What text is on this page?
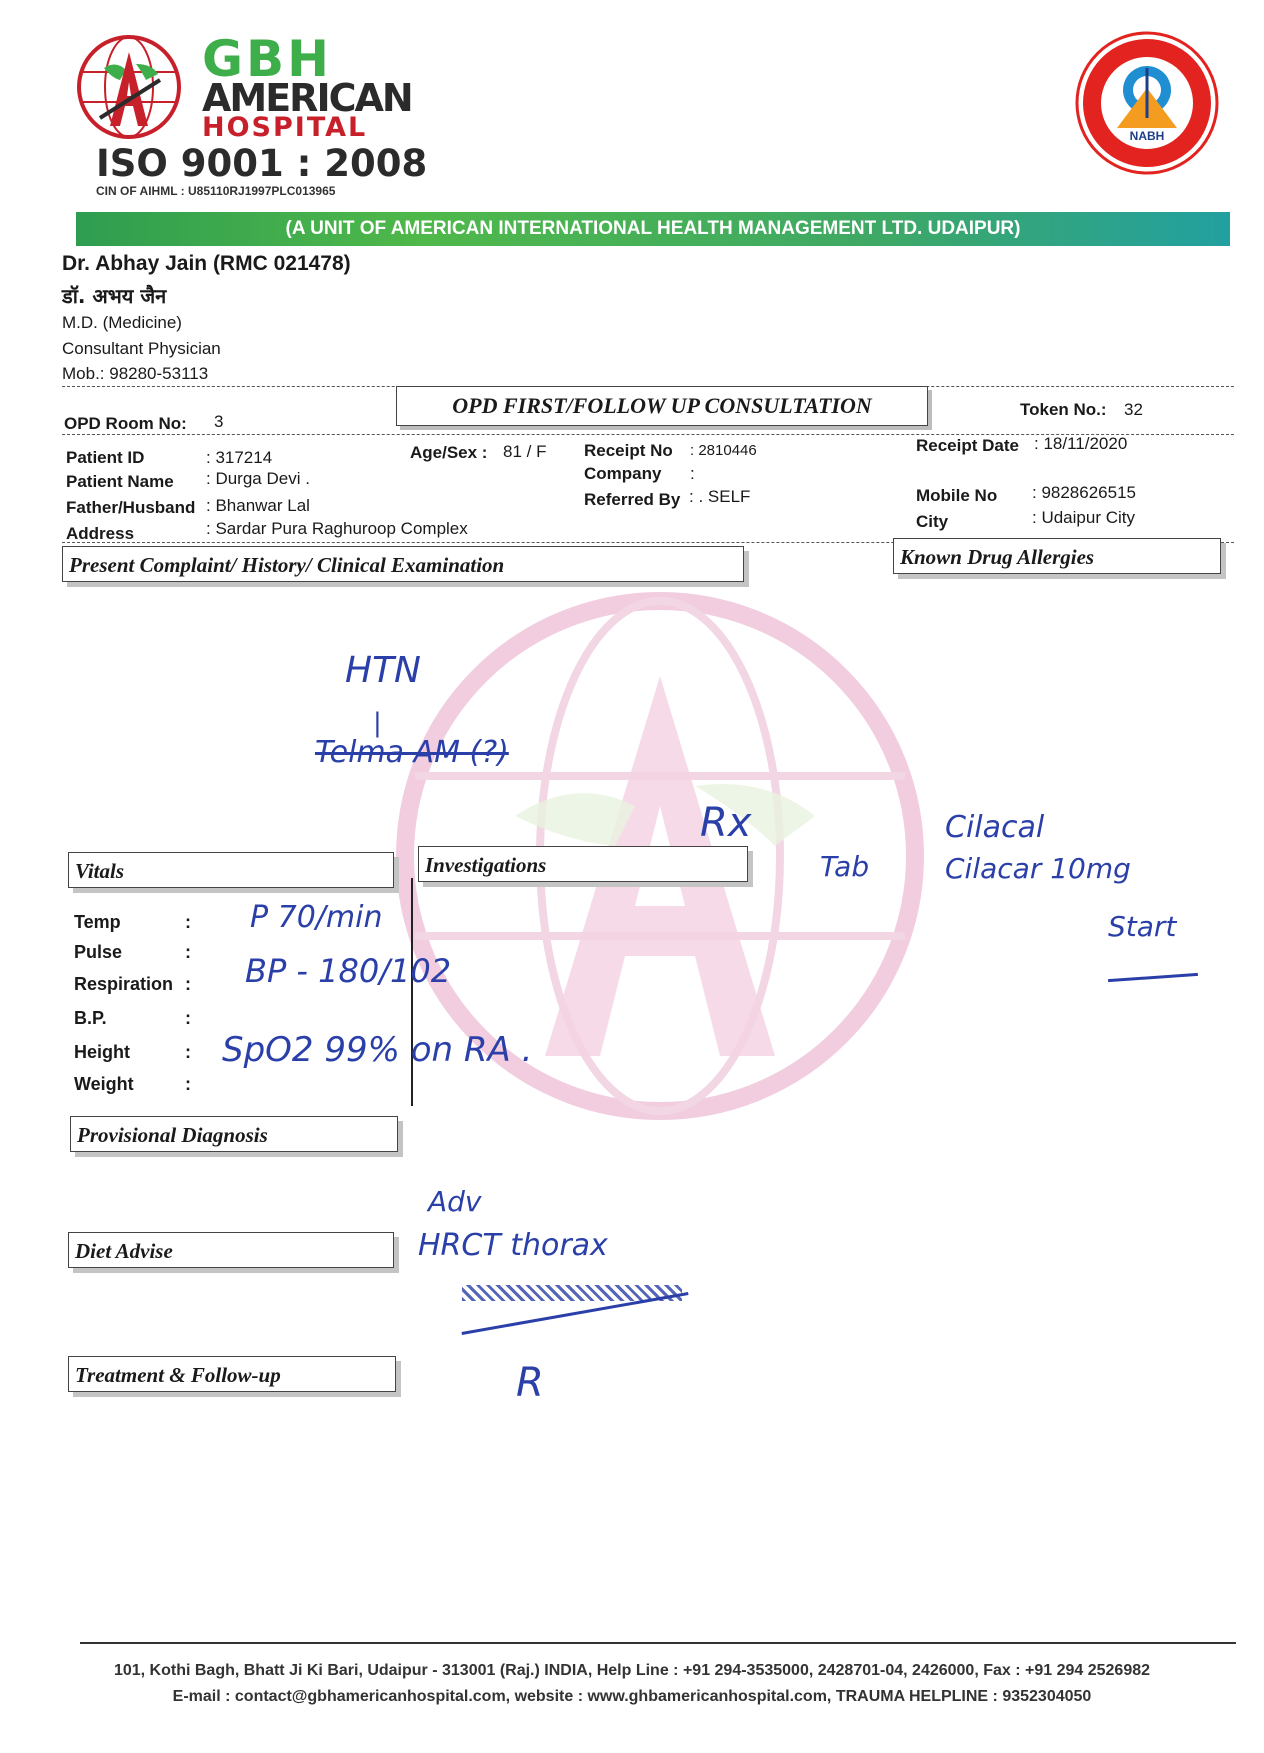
GBH
AMERICAN
HOSPITAL
ISO 9001 : 2008
CIN OF AIHML : U85110RJ1997PLC013965
NABH
(A UNIT OF AMERICAN INTERNATIONAL HEALTH MANAGEMENT LTD. UDAIPUR)
Dr. Abhay Jain (RMC 021478)
डॉ. अभय जैन
M.D. (Medicine)
Consultant Physician
Mob.: 98280-53113
OPD FIRST/FOLLOW UP CONSULTATION
OPD Room No: 3
Token No.: 32
Patient ID	: 317214
Patient Name : Durga Devi .
Father/Husband : Bhanwar Lal
Address	: Sardar Pura Raghuroop Complex
Age/Sex : 81 / F Receipt No : 2810446
Company :
Referred By : . SELF
Receipt Date : 18/11/2020
Mobile No : 9828626515
City	: Udaipur City
Present Complaint/ History/ Clinical Examination	Known Drug Allergies
Vitals	Investigations
Provisional Diagnosis
Diet Advise
Treatment & Follow-up
Temp	:
Pulse	:
Respiration :
B.P.	:
Height	:
Weight	:
HTN
|
Telma AM (?)
P 70/min
BP - 180/102
SpO2 99% on RA .
Rx
Tab
Cilacal
Cilacar 10mg
Start
Adv
HRCT thorax
R
101, Kothi Bagh, Bhatt Ji Ki Bari, Udaipur - 313001 (Raj.) INDIA, Help Line : +91 294-3535000, 2428701-04, 2426000, Fax : +91 294 2526982
E-mail : contact@gbhamericanhospital.com, website : www.ghbamericanhospital.com, TRAUMA HELPLINE : 9352304050
